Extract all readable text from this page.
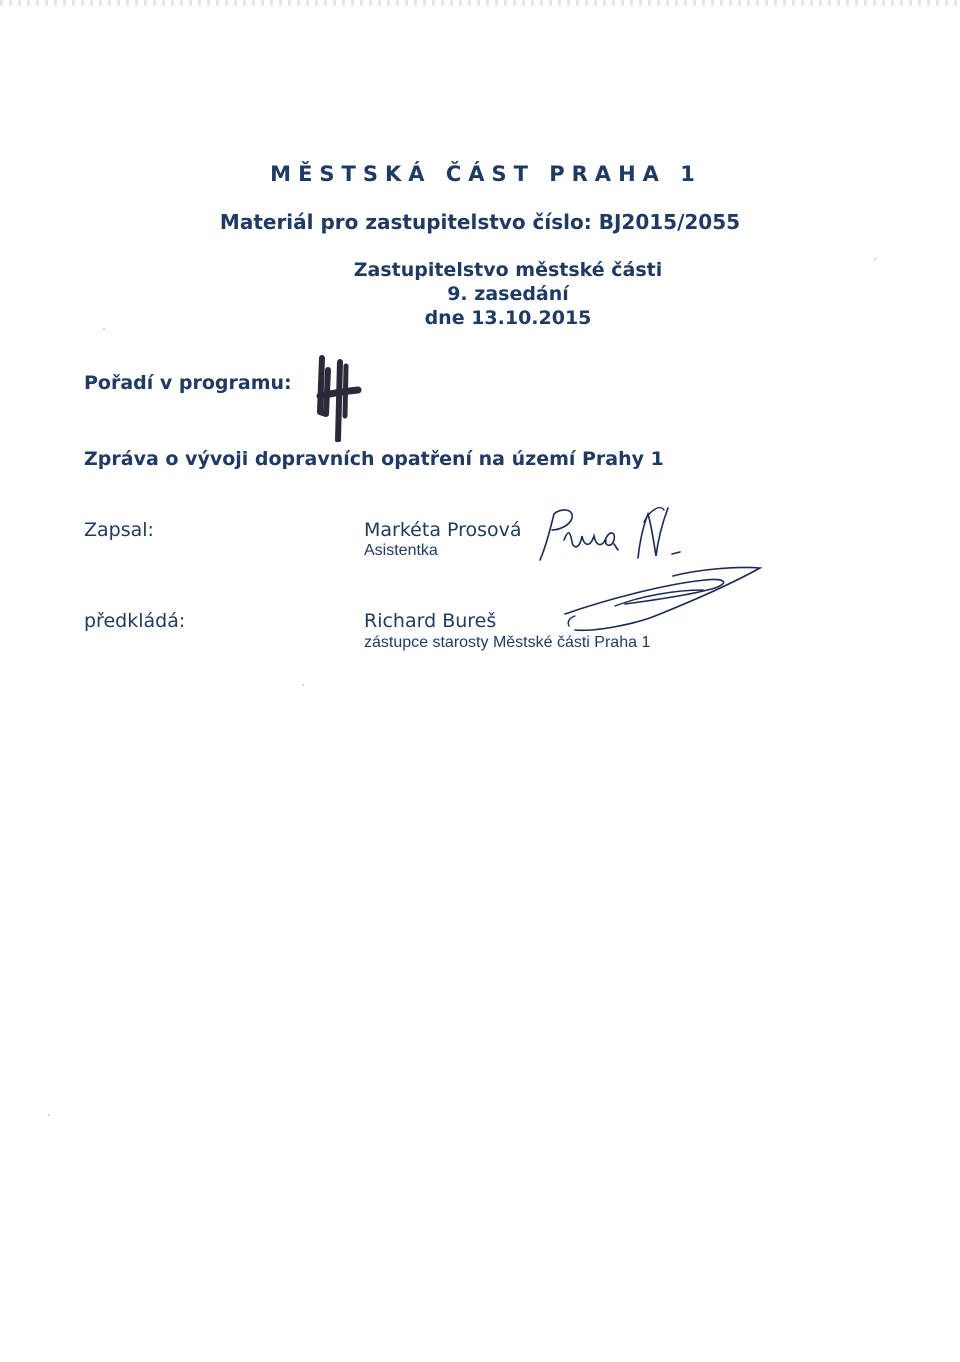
MĚSTSKÁ ČÁST PRAHA 1
Materiál pro zastupitelstvo číslo: BJ2015/2055
Zastupitelstvo městské části
9. zasedání
dne 13.10.2015
Pořadí v programu:
Zpráva o vývoji dopravních opatření na území Prahy 1
Zapsal:	Markéta Prosová
Asistentka
předkládá:	Richard Bureš
zástupce starosty Městské části Praha 1
